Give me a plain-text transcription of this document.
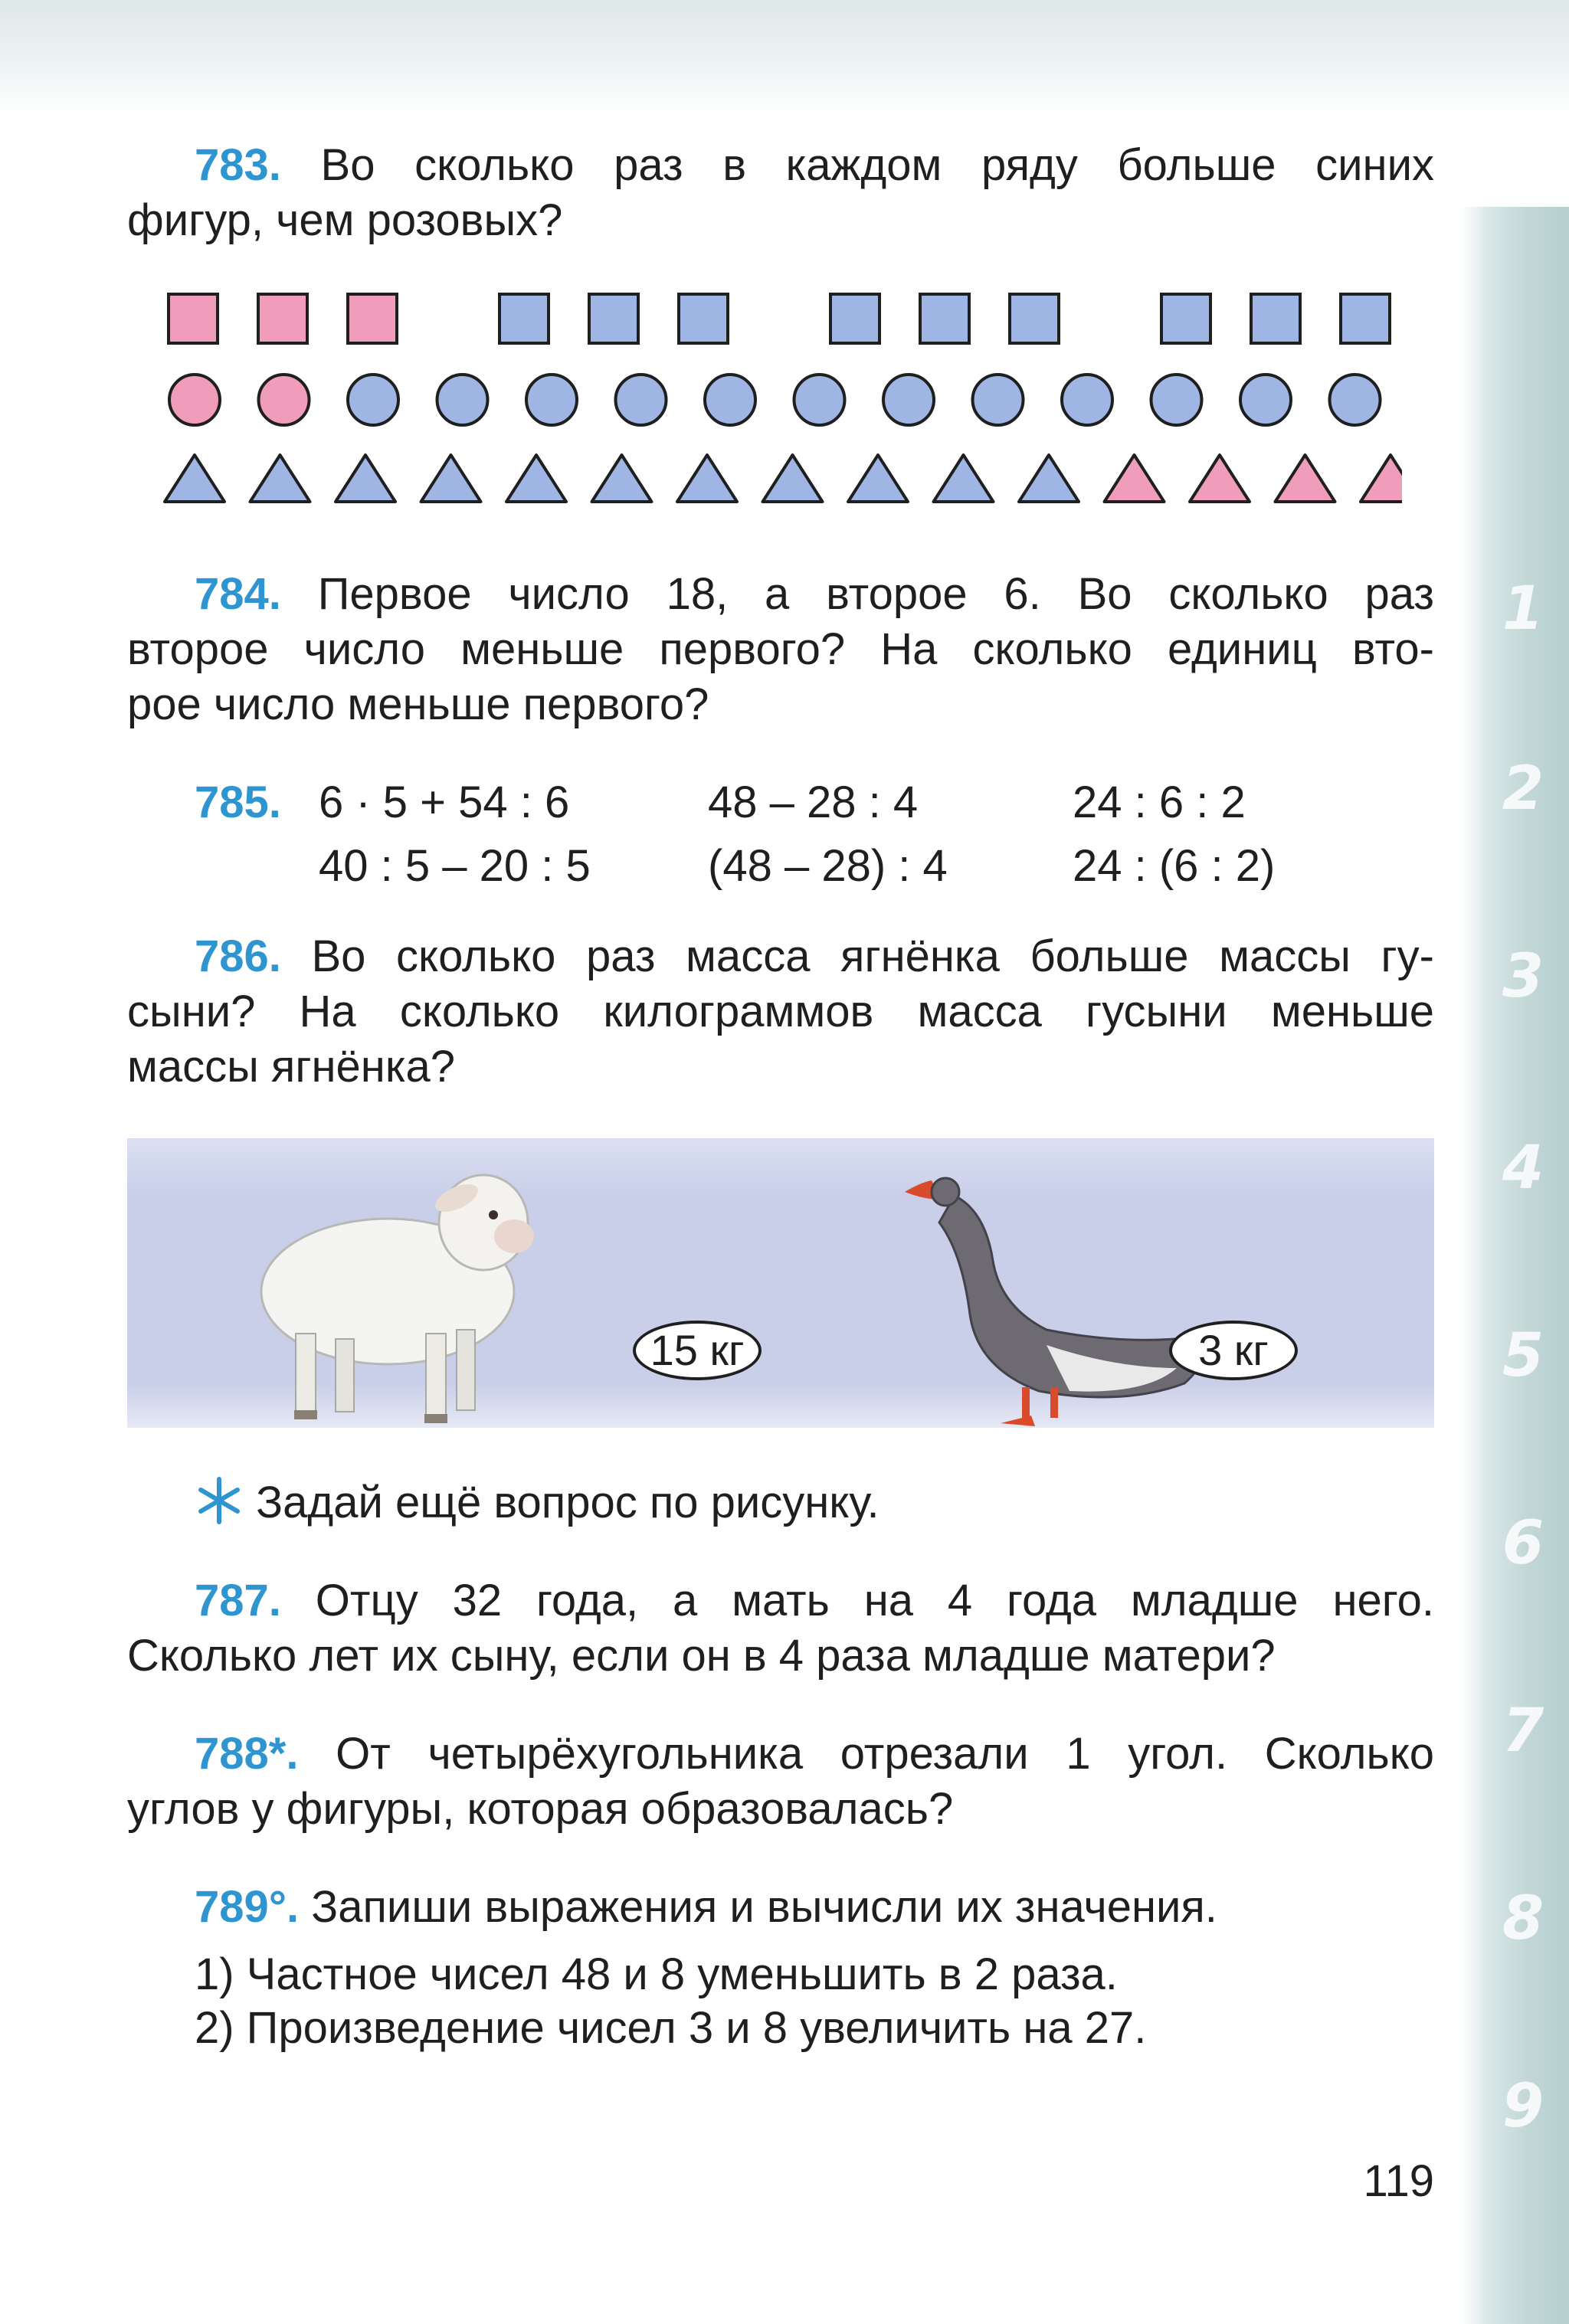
1
2
3
4
5
6
7
8
9
783. Во сколько раз в каждом ряду больше синих
фигур, чем розовых?
784. Первое число 18, а второе 6. Во сколько раз
второе число меньше первого? На сколько единиц вто-
рое число меньше первого?
785. 6 · 5 + 54 : 6	48 – 28 : 4	24 : 6 : 2
40 : 5 – 20 : 5	(48 – 28) : 4	24 : (6 : 2)
786. Во сколько раз масса ягнёнка больше массы гу-
сыни? На сколько килограммов масса гусыни меньше
массы ягнёнка?
15 кг	3 кг
Задай ещё вопрос по рисунку.
787. Отцу 32 года, а мать на 4 года младше него.
Сколько лет их сыну, если он в 4 раза младше матери?
788*. От четырёхугольника отрезали 1 угол. Сколько
углов у фигуры, которая образовалась?
789°. Запиши выражения и вычисли их значения.
1) Частное чисел 48 и 8 уменьшить в 2 раза.
2) Произведение чисел 3 и 8 увеличить на 27.
119
